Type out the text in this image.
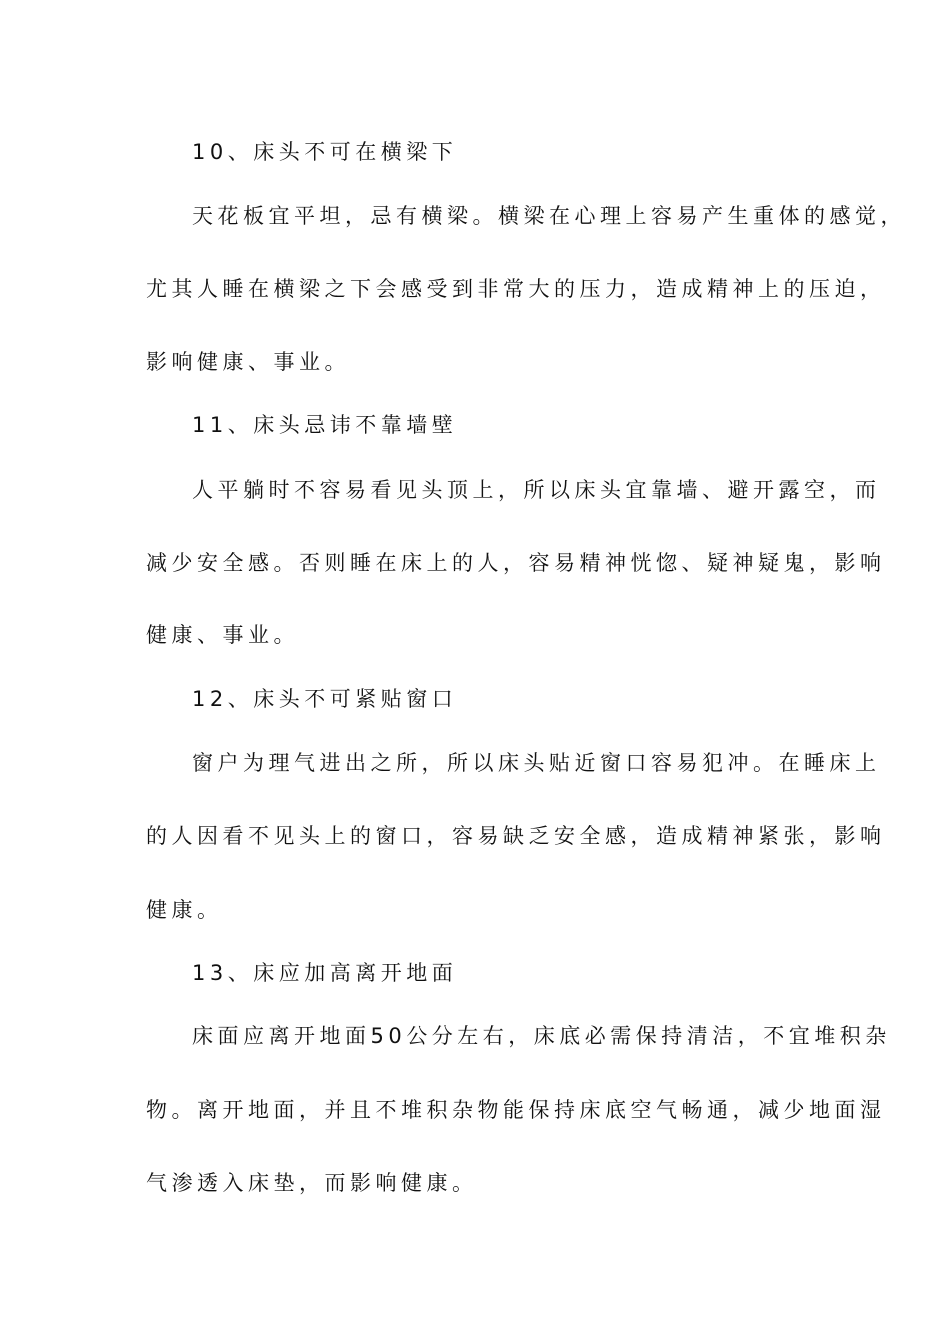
10、床头不可在横梁下
天花板宜平坦，忌有横梁。横梁在心理上容易产生重体的感觉，
尤其人睡在横梁之下会感受到非常大的压力，造成精神上的压迫，
影响健康、事业。
11、床头忌讳不靠墙壁
人平躺时不容易看见头顶上，所以床头宜靠墙、避开露空，而
减少安全感。否则睡在床上的人，容易精神恍惚、疑神疑鬼，影响
健康、事业。
12、床头不可紧贴窗口
窗户为理气进出之所，所以床头贴近窗口容易犯冲。在睡床上
的人因看不见头上的窗口，容易缺乏安全感，造成精神紧张，影响
健康。
13、床应加高离开地面
床面应离开地面50公分左右，床底必需保持清洁，不宜堆积杂
物。离开地面，并且不堆积杂物能保持床底空气畅通，减少地面湿
气渗透入床垫，而影响健康。
